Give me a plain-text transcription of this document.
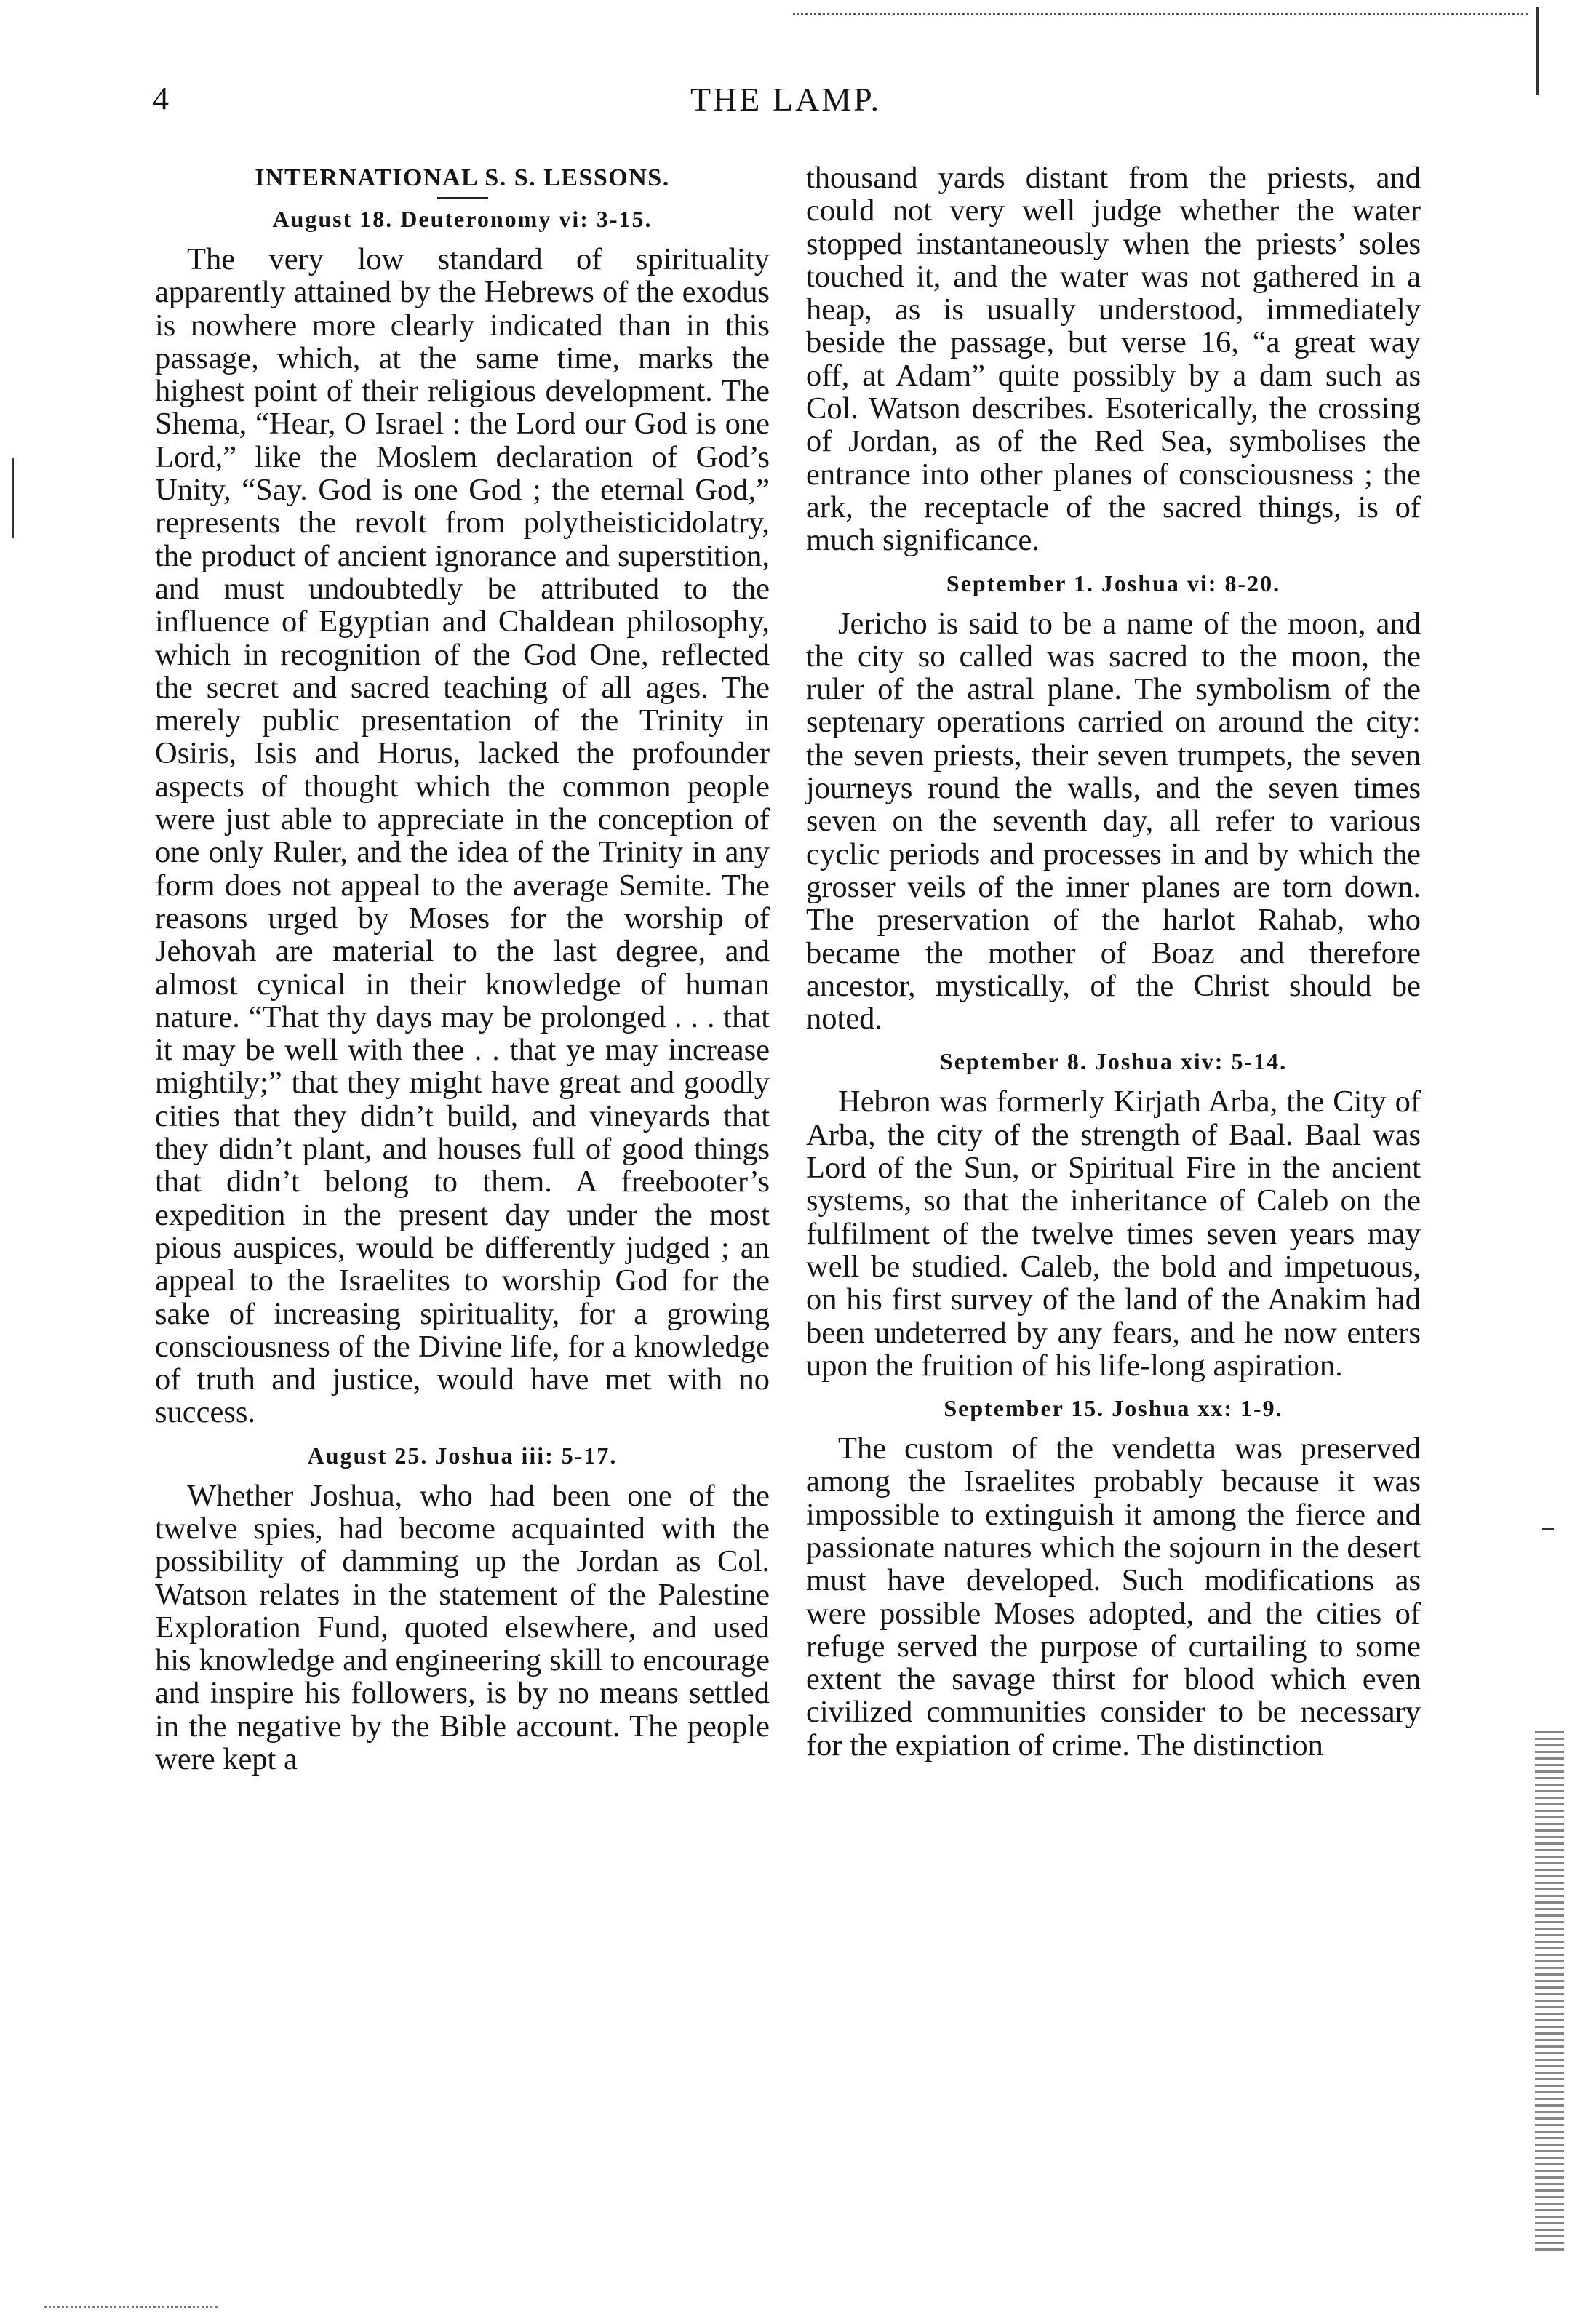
4	THE LAMP.
INTERNATIONAL S. S. LESSONS.
August 18. Deuteronomy vi: 3-15.

The very low standard of spirituality apparently attained by the Hebrews of the exodus is nowhere more clearly indicated than in this passage, which, at the same time, marks the highest point of their religious development. The Shema, “Hear, O Israel : the Lord our God is one Lord,” like the Moslem declaration of God’s Unity, “Say. God is one God ; the eternal God,” represents the revolt from polytheisticidolatry, the product of ancient ignorance and superstition, and must undoubtedly be attributed to the influence of Egyptian and Chaldean philosophy, which in recognition of the God One, reflected the secret and sacred teaching of all ages. The merely public presentation of the Trinity in Osiris, Isis and Horus, lacked the profounder aspects of thought which the common people were just able to appreciate in the conception of one only Ruler, and the idea of the Trinity in any form does not appeal to the average Semite. The reasons urged by Moses for the worship of Jehovah are material to the last degree, and almost cynical in their knowledge of human nature. “That thy days may be prolonged . . . that it may be well with thee . . that ye may increase mightily;” that they might have great and goodly cities that they didn’t build, and vineyards that they didn’t plant, and houses full of good things that didn’t belong to them. A freebooter’s expedition in the present day under the most pious auspices, would be differently judged ; an appeal to the Israelites to worship God for the sake of increasing spirituality, for a growing consciousness of the Divine life, for a knowledge of truth and justice, would have met with no success.

August 25. Joshua iii: 5-17.

Whether Joshua, who had been one of the twelve spies, had become acquainted with the possibility of damming up the Jordan as Col. Watson relates in the statement of the Palestine Exploration Fund, quoted elsewhere, and used his knowledge and engineering skill to encourage and inspire his followers, is by no means settled in the negative by the Bible account. The people were kept a

thousand yards distant from the priests, and could not very well judge whether the water stopped instantaneously when the priests’ soles touched it, and the water was not gathered in a heap, as is usually understood, immediately beside the passage, but verse 16, “a great way off, at Adam” quite possibly by a dam such as Col. Watson describes. Esoterically, the crossing of Jordan, as of the Red Sea, symbolises the entrance into other planes of consciousness ; the ark, the receptacle of the sacred things, is of much significance.

September 1. Joshua vi: 8-20.

Jericho is said to be a name of the moon, and the city so called was sacred to the moon, the ruler of the astral plane. The symbolism of the septenary operations carried on around the city: the seven priests, their seven trumpets, the seven journeys round the walls, and the seven times seven on the seventh day, all refer to various cyclic periods and processes in and by which the grosser veils of the inner planes are torn down. The preservation of the harlot Rahab, who became the mother of Boaz and therefore ancestor, mystically, of the Christ should be noted.

September 8. Joshua xiv: 5-14.

Hebron was formerly Kirjath Arba, the City of Arba, the city of the strength of Baal. Baal was Lord of the Sun, or Spiritual Fire in the ancient systems, so that the inheritance of Caleb on the fulfilment of the twelve times seven years may well be studied. Caleb, the bold and impetuous, on his first survey of the land of the Anakim had been undeterred by any fears, and he now enters upon the fruition of his life-long aspiration.

September 15. Joshua xx: 1-9.

The custom of the vendetta was preserved among the Israelites probably because it was impossible to extinguish it among the fierce and passionate natures which the sojourn in the desert must have developed. Such modifications as were possible Moses adopted, and the cities of refuge served the purpose of curtailing to some extent the savage thirst for blood which even civilized communities consider to be necessary for the expiation of crime. The distinction
